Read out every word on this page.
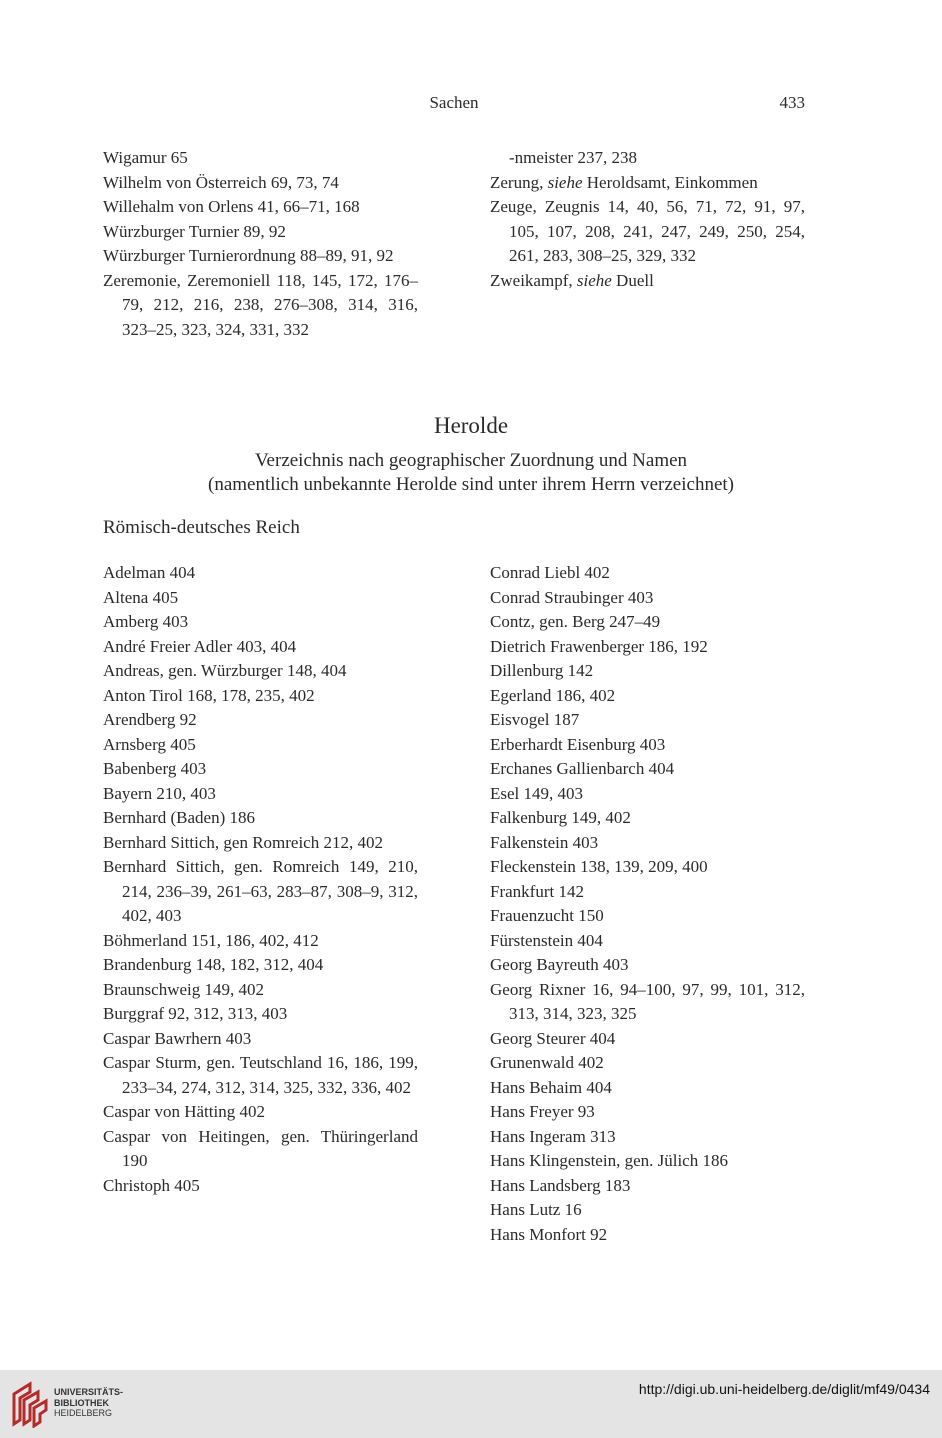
Sachen	433
Wigamur 65
Wilhelm von Österreich 69, 73, 74
Willehalm von Orlens 41, 66–71, 168
Würzburger Turnier 89, 92
Würzburger Turnierordnung 88–89, 91, 92
Zeremonie, Zeremoniell 118, 145, 172, 176–79, 212, 216, 238, 276–308, 314, 316, 323–25, 323, 324, 331, 332
-nmeister 237, 238
Zerung, siehe Heroldsamt, Einkommen
Zeuge, Zeugnis 14, 40, 56, 71, 72, 91, 97, 105, 107, 208, 241, 247, 249, 250, 254, 261, 283, 308–25, 329, 332
Zweikampf, siehe Duell
Herolde
Verzeichnis nach geographischer Zuordnung und Namen
(namentlich unbekannte Herolde sind unter ihrem Herrn verzeichnet)
Römisch-deutsches Reich
Adelman 404
Altena 405
Amberg 403
André Freier Adler 403, 404
Andreas, gen. Würzburger 148, 404
Anton Tirol 168, 178, 235, 402
Arendberg 92
Arnsberg 405
Babenberg 403
Bayern 210, 403
Bernhard (Baden) 186
Bernhard Sittich, gen Romreich 212, 402
Bernhard Sittich, gen. Romreich 149, 210, 214, 236–39, 261–63, 283–87, 308–9, 312, 402, 403
Böhmerland 151, 186, 402, 412
Brandenburg 148, 182, 312, 404
Braunschweig 149, 402
Burggraf 92, 312, 313, 403
Caspar Bawrhern 403
Caspar Sturm, gen. Teutschland 16, 186, 199, 233–34, 274, 312, 314, 325, 332, 336, 402
Caspar von Hätting 402
Caspar von Heitingen, gen. Thüringerland 190
Christoph 405
Conrad Liebl 402
Conrad Straubinger 403
Contz, gen. Berg 247–49
Dietrich Frawenberger 186, 192
Dillenburg 142
Egerland 186, 402
Eisvogel 187
Erberhardt Eisenburg 403
Erchanes Gallienbarch 404
Esel 149, 403
Falkenburg 149, 402
Falkenstein 403
Fleckenstein 138, 139, 209, 400
Frankfurt 142
Frauenzucht 150
Fürstenstein 404
Georg Bayreuth 403
Georg Rixner 16, 94–100, 97, 99, 101, 312, 313, 314, 323, 325
Georg Steurer 404
Grunenwald 402
Hans Behaim 404
Hans Freyer 93
Hans Ingeram 313
Hans Klingenstein, gen. Jülich 186
Hans Landsberg 183
Hans Lutz 16
Hans Monfort 92
UNIVERSITÄTS-
BIBLIOTHEK
HEIDELBERG
http://digi.ub.uni-heidelberg.de/diglit/mf49/0434
